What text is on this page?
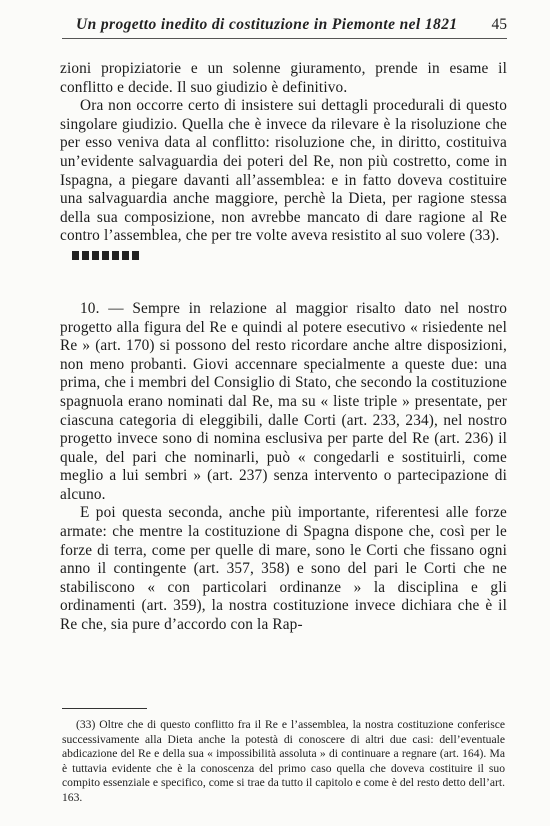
Un progetto inedito di costituzione in Piemonte nel 1821 45

zioni propiziatorie e un solenne giuramento, prende in esame il conflitto e decide. Il suo giudizio è definitivo.

Ora non occorre certo di insistere sui dettagli procedurali di questo singolare giudizio. Quella che è invece da rilevare è la risoluzione che per esso veniva data al conflitto: risoluzione che, in diritto, costituiva un’evidente salvaguardia dei poteri del Re, non più costretto, come in Ispagna, a piegare davanti all’assemblea: e in fatto doveva costituire una salvaguardia anche maggiore, perchè la Dieta, per ragione stessa della sua composizione, non avrebbe mancato di dare ragione al Re contro l’assemblea, che per tre volte aveva resistito al suo volere (33).

10. — Sempre in relazione al maggior risalto dato nel nostro progetto alla figura del Re e quindi al potere esecutivo « risiedente nel Re » (art. 170) si possono del resto ricordare anche altre disposizioni, non meno probanti. Giovi accennare specialmente a queste due: una prima, che i membri del Consiglio di Stato, che secondo la costituzione spagnuola erano nominati dal Re, ma su « liste triple » presentate, per ciascuna categoria di eleggibili, dalle Corti (art. 233, 234), nel nostro progetto invece sono di nomina esclusiva per parte del Re (art. 236) il quale, del pari che nominarli, può « congedarli e sostituirli, come meglio a lui sembri » (art. 237) senza intervento o partecipazione di alcuno.

E poi questa seconda, anche più importante, riferentesi alle forze armate: che mentre la costituzione di Spagna dispone che, così per le forze di terra, come per quelle di mare, sono le Corti che fissano ogni anno il contingente (art. 357, 358) e sono del pari le Corti che ne stabiliscono « con particolari ordinanze » la disciplina e gli ordinamenti (art. 359), la nostra costituzione invece dichiara che è il Re che, sia pure d’accordo con la Rap-

(33) Oltre che di questo conflitto fra il Re e l’assemblea, la nostra costituzione conferisce successivamente alla Dieta anche la potestà di conoscere di altri due casi: dell’eventuale abdicazione del Re e della sua « impossibilità assoluta » di continuare a regnare (art. 164). Ma è tuttavia evidente che è la conoscenza del primo caso quella che doveva costituire il suo compito essenziale e specifico, come si trae da tutto il capitolo e come è del resto detto dell’art. 163.
